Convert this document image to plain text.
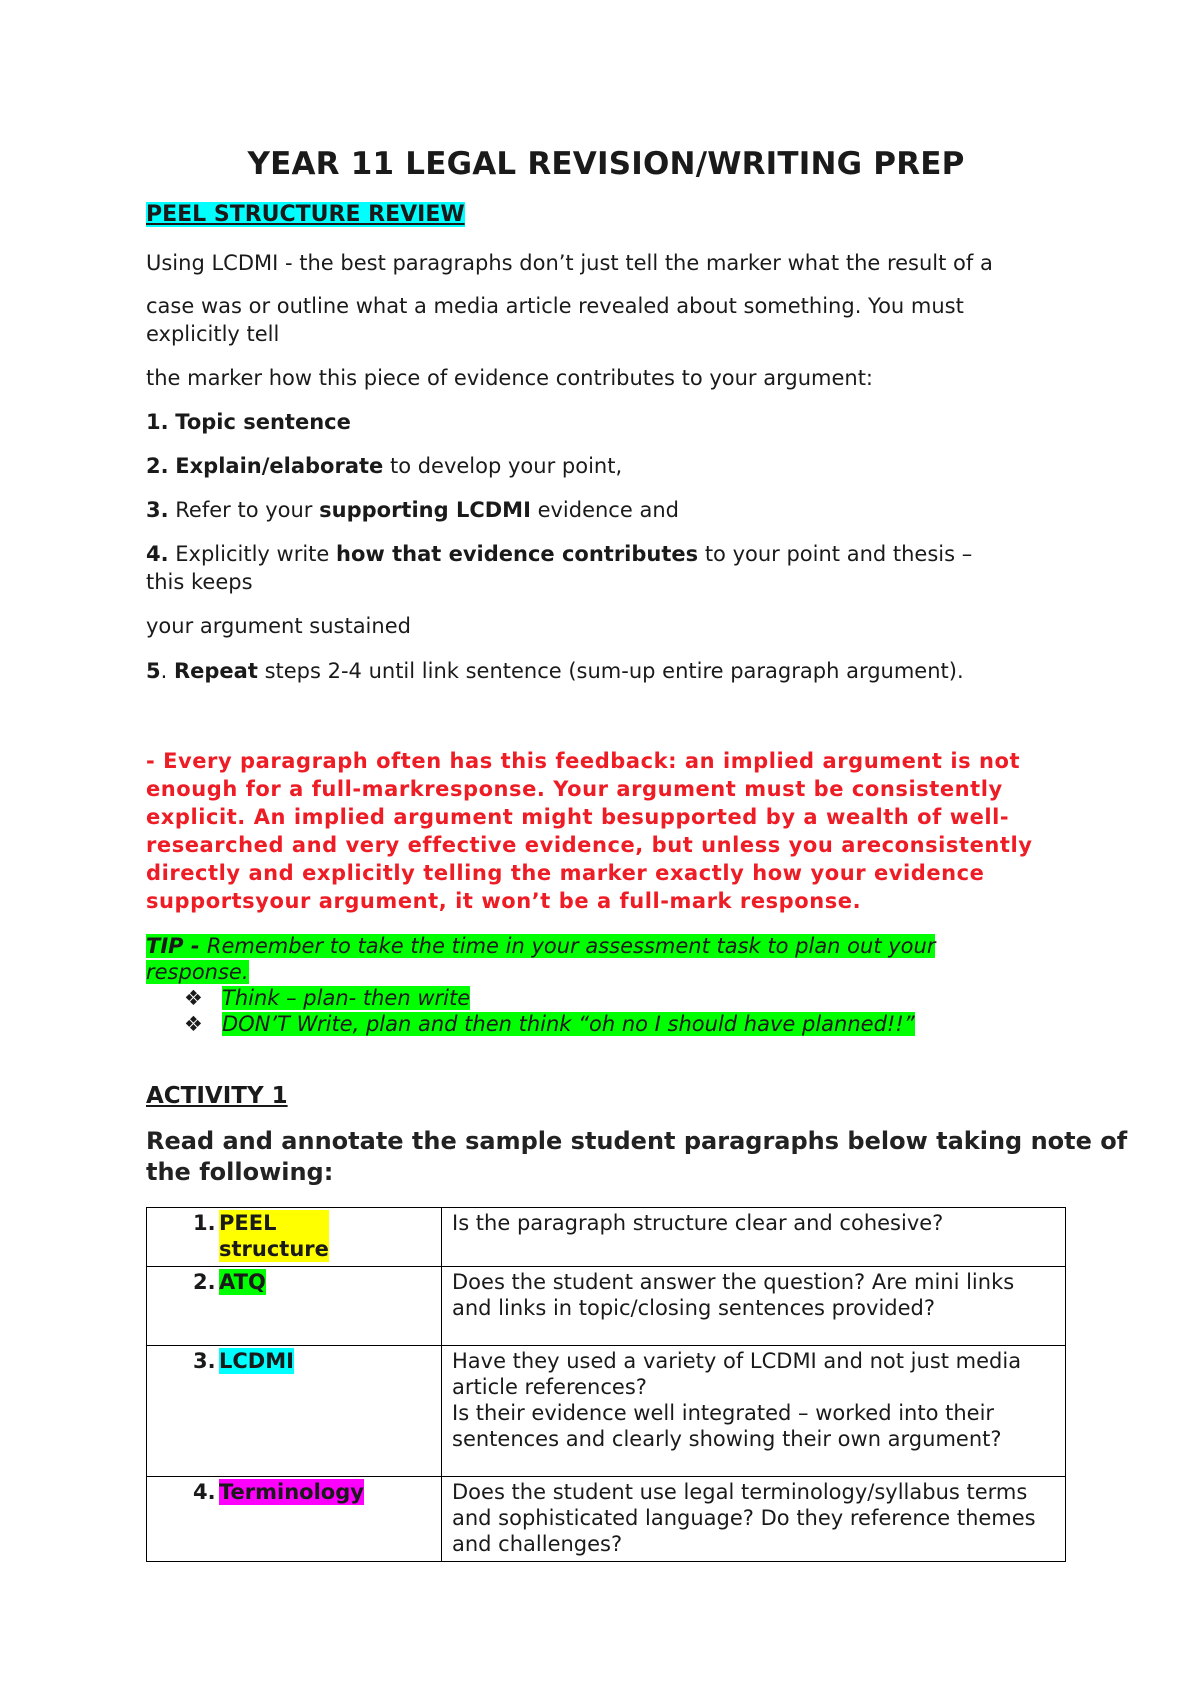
YEAR 11 LEGAL REVISION/WRITING PREP
PEEL STRUCTURE REVIEW
Using LCDMI - the best paragraphs don’t just tell the marker what the result of a
case was or outline what a media article revealed about something. You must
explicitly tell
the marker how this piece of evidence contributes to your argument:
1. Topic sentence
2. Explain/elaborate to develop your point,
3. Refer to your supporting LCDMI evidence and
4. Explicitly write how that evidence contributes to your point and thesis –
this keeps
your argument sustained
5. Repeat steps 2-4 until link sentence (sum-up entire paragraph argument).
- Every paragraph often has this feedback: an implied argument is not
enough for a full-markresponse. Your argument must be consistently
explicit. An implied argument might besupported by a wealth of well-
researched and very effective evidence, but unless you areconsistently
directly and explicitly telling the marker exactly how your evidence
supportsyour argument, it won’t be a full-mark response.
TIP - Remember to take the time in your assessment task to plan out your
response.
❖ Think – plan- then write
❖ DON’T Write, plan and then think “oh no I should have planned!!”
ACTIVITY 1
Read and annotate the sample student paragraphs below taking note of
the following:
1. PEEL
structure	Is the paragraph structure clear and cohesive?
2. ATQ	Does the student answer the question? Are mini links
and links in topic/closing sentences provided?
3. LCDMI	Have they used a variety of LCDMI and not just media
article references?
Is their evidence well integrated – worked into their
sentences and clearly showing their own argument?
4. Terminology	Does the student use legal terminology/syllabus terms
and sophisticated language? Do they reference themes
and challenges?
